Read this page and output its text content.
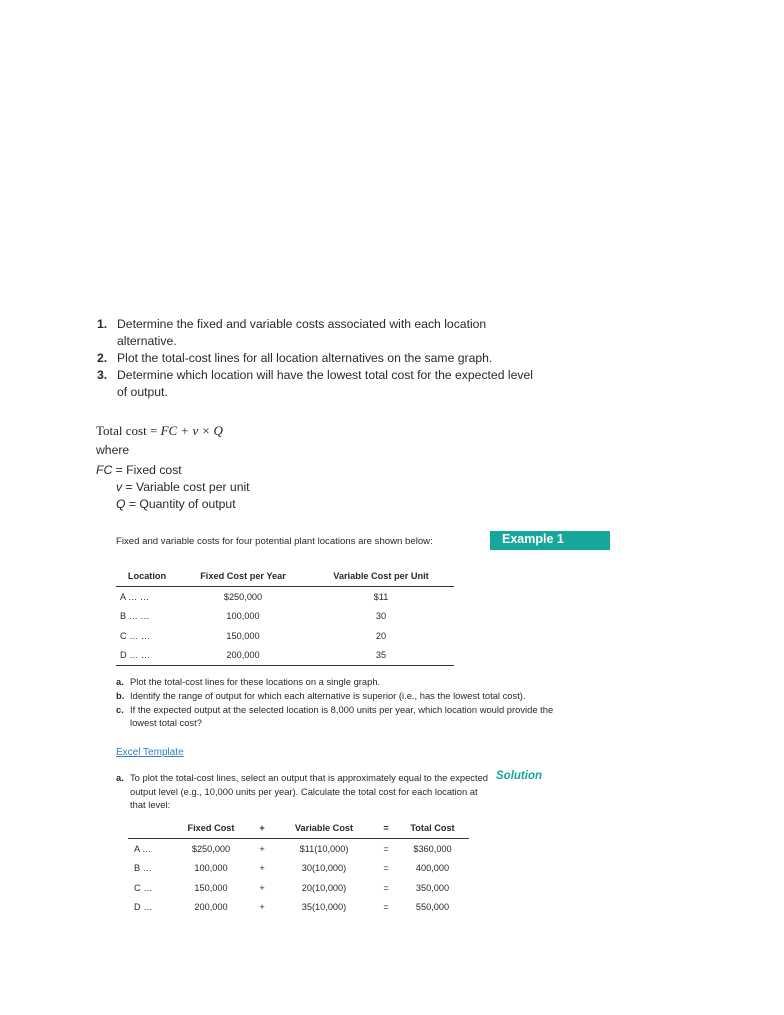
1. Determine the fixed and variable costs associated with each location alternative.
2. Plot the total-cost lines for all location alternatives on the same graph.
3. Determine which location will have the lowest total cost for the expected level of output.
Total cost = FC + v × Q
where
FC = Fixed cost
v = Variable cost per unit
Q = Quantity of output
Example 1
Fixed and variable costs for four potential plant locations are shown below:
Location	Fixed Cost per Year	Variable Cost per Unit
A … …	$250,000	$11
B … …	100,000	30
C … …	150,000	20
D … …	200,000	35
a. Plot the total-cost lines for these locations on a single graph.
b. Identify the range of output for which each alternative is superior (i.e., has the lowest total cost).
c. If the expected output at the selected location is 8,000 units per year, which location would provide the lowest total cost?
Excel Template
Solution
a. To plot the total-cost lines, select an output that is approximately equal to the expected output level (e.g., 10,000 units per year). Calculate the total cost for each location at that level:
	Fixed Cost	+	Variable Cost	=	Total Cost
A …	$250,000	+	$11(10,000)	=	$360,000
B …	100,000	+	30(10,000)	=	400,000
C …	150,000	+	20(10,000)	=	350,000
D …	200,000	+	35(10,000)	=	550,000
